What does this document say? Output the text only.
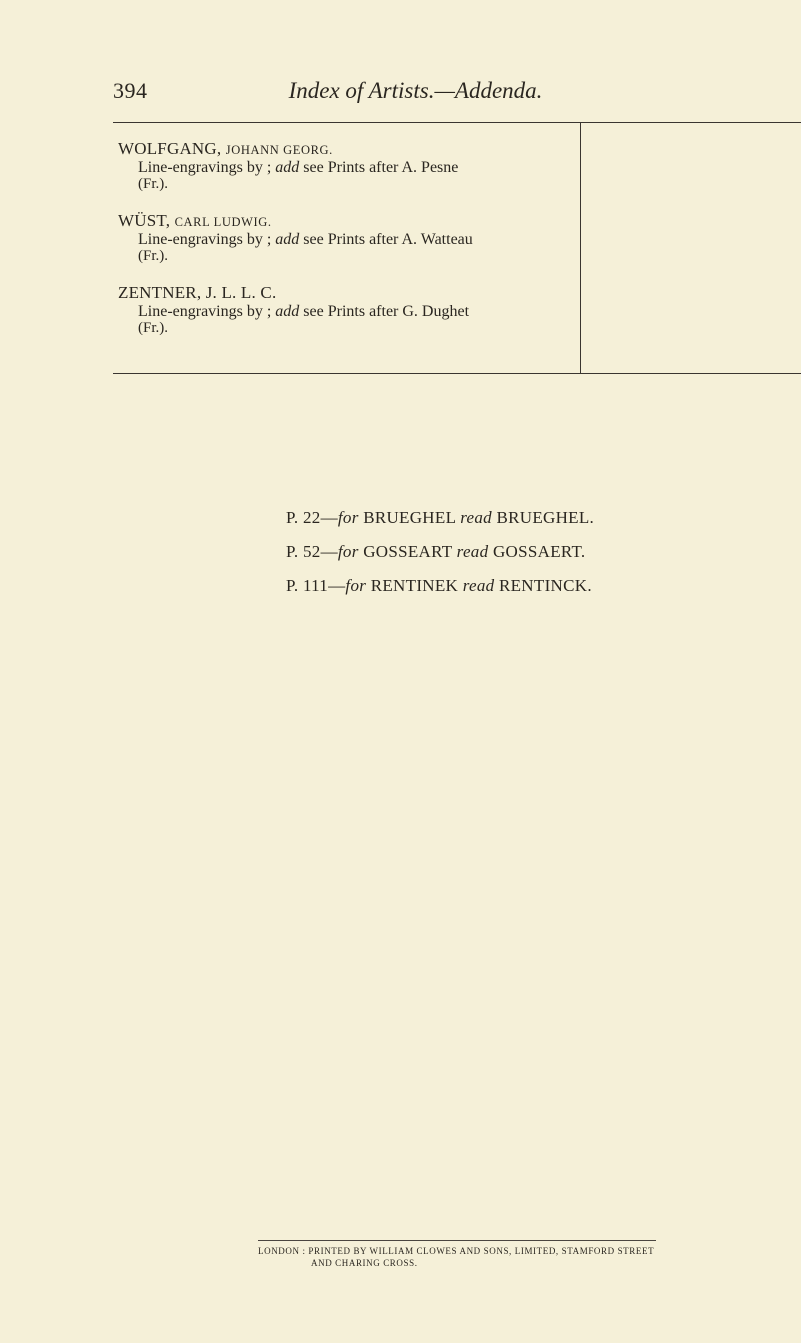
394	Index of Artists.—Addenda.
WOLFGANG, JOHANN GEORG.
Line-engravings by ; add see Prints after A. Pesne
(Fr.).
WÜST, CARL LUDWIG.
Line-engravings by ; add see Prints after A. Watteau
(Fr.).
ZENTNER, J. L. L. C.
Line-engravings by ; add see Prints after G. Dughet
(Fr.).
P. 22—for BRUEGHEL read BRUEGHEL.
P. 52—for GOSSEART read GOSSAERT.
P. 111—for RENTINEK read RENTINCK.
LONDON : PRINTED BY WILLIAM CLOWES AND SONS, LIMITED, STAMFORD STREET
AND CHARING CROSS.
